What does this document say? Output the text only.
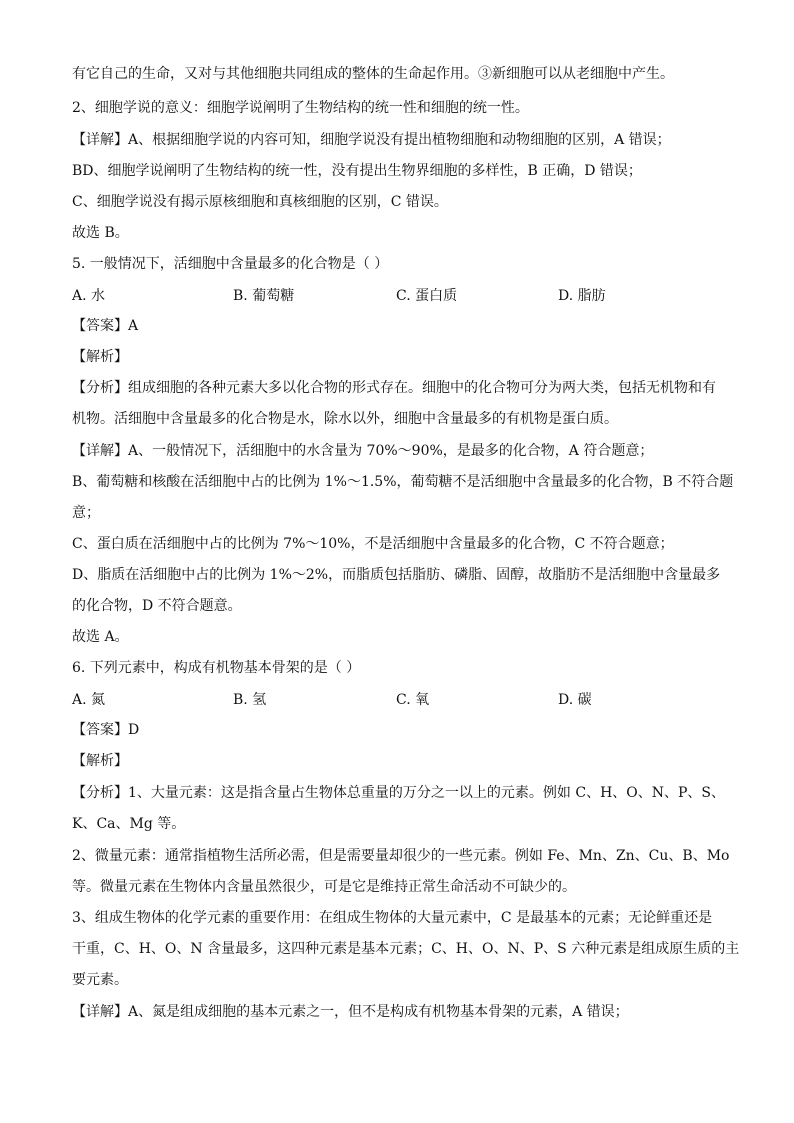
有它自己的生命，又对与其他细胞共同组成的整体的生命起作用。③新细胞可以从老细胞中产生。
2、细胞学说的意义：细胞学说阐明了生物结构的统一性和细胞的统一性。
【详解】A、根据细胞学说的内容可知，细胞学说没有提出植物细胞和动物细胞的区别，A 错误；
BD、细胞学说阐明了生物结构的统一性，没有提出生物界细胞的多样性，B 正确，D 错误；
C、细胞学说没有揭示原核细胞和真核细胞的区别，C 错误。
故选 B。
5. 一般情况下，活细胞中含量最多的化合物是（ ）
A. 水	B. 葡萄糖	C. 蛋白质	D. 脂肪
【答案】A
【解析】
【分析】组成细胞的各种元素大多以化合物的形式存在。细胞中的化合物可分为两大类，包括无机物和有
机物。活细胞中含量最多的化合物是水，除水以外，细胞中含量最多的有机物是蛋白质。
【详解】A、一般情况下，活细胞中的水含量为 70%～90%，是最多的化合物，A 符合题意；
B、葡萄糖和核酸在活细胞中占的比例为 1%～1.5%，葡萄糖不是活细胞中含量最多的化合物，B 不符合题
意；
C、蛋白质在活细胞中占的比例为 7%～10%，不是活细胞中含量最多的化合物，C 不符合题意；
D、脂质在活细胞中占的比例为 1%～2%，而脂质包括脂肪、磷脂、固醇，故脂肪不是活细胞中含量最多
的化合物，D 不符合题意。
故选 A。
6. 下列元素中，构成有机物基本骨架的是（ ）
A. 氮	B. 氢	C. 氧	D. 碳
【答案】D
【解析】
【分析】1、大量元素：这是指含量占生物体总重量的万分之一以上的元素。例如 C、H、O、N、P、S、
K、Ca、Mg 等。
2、微量元素：通常指植物生活所必需，但是需要量却很少的一些元素。例如 Fe、Mn、Zn、Cu、B、Mo
等。微量元素在生物体内含量虽然很少，可是它是维持正常生命活动不可缺少的。
3、组成生物体的化学元素的重要作用：在组成生物体的大量元素中，C 是最基本的元素；无论鲜重还是
干重，C、H、O、N 含量最多，这四种元素是基本元素；C、H、O、N、P、S 六种元素是组成原生质的主
要元素。
【详解】A、氮是组成细胞的基本元素之一，但不是构成有机物基本骨架的元素，A 错误；
